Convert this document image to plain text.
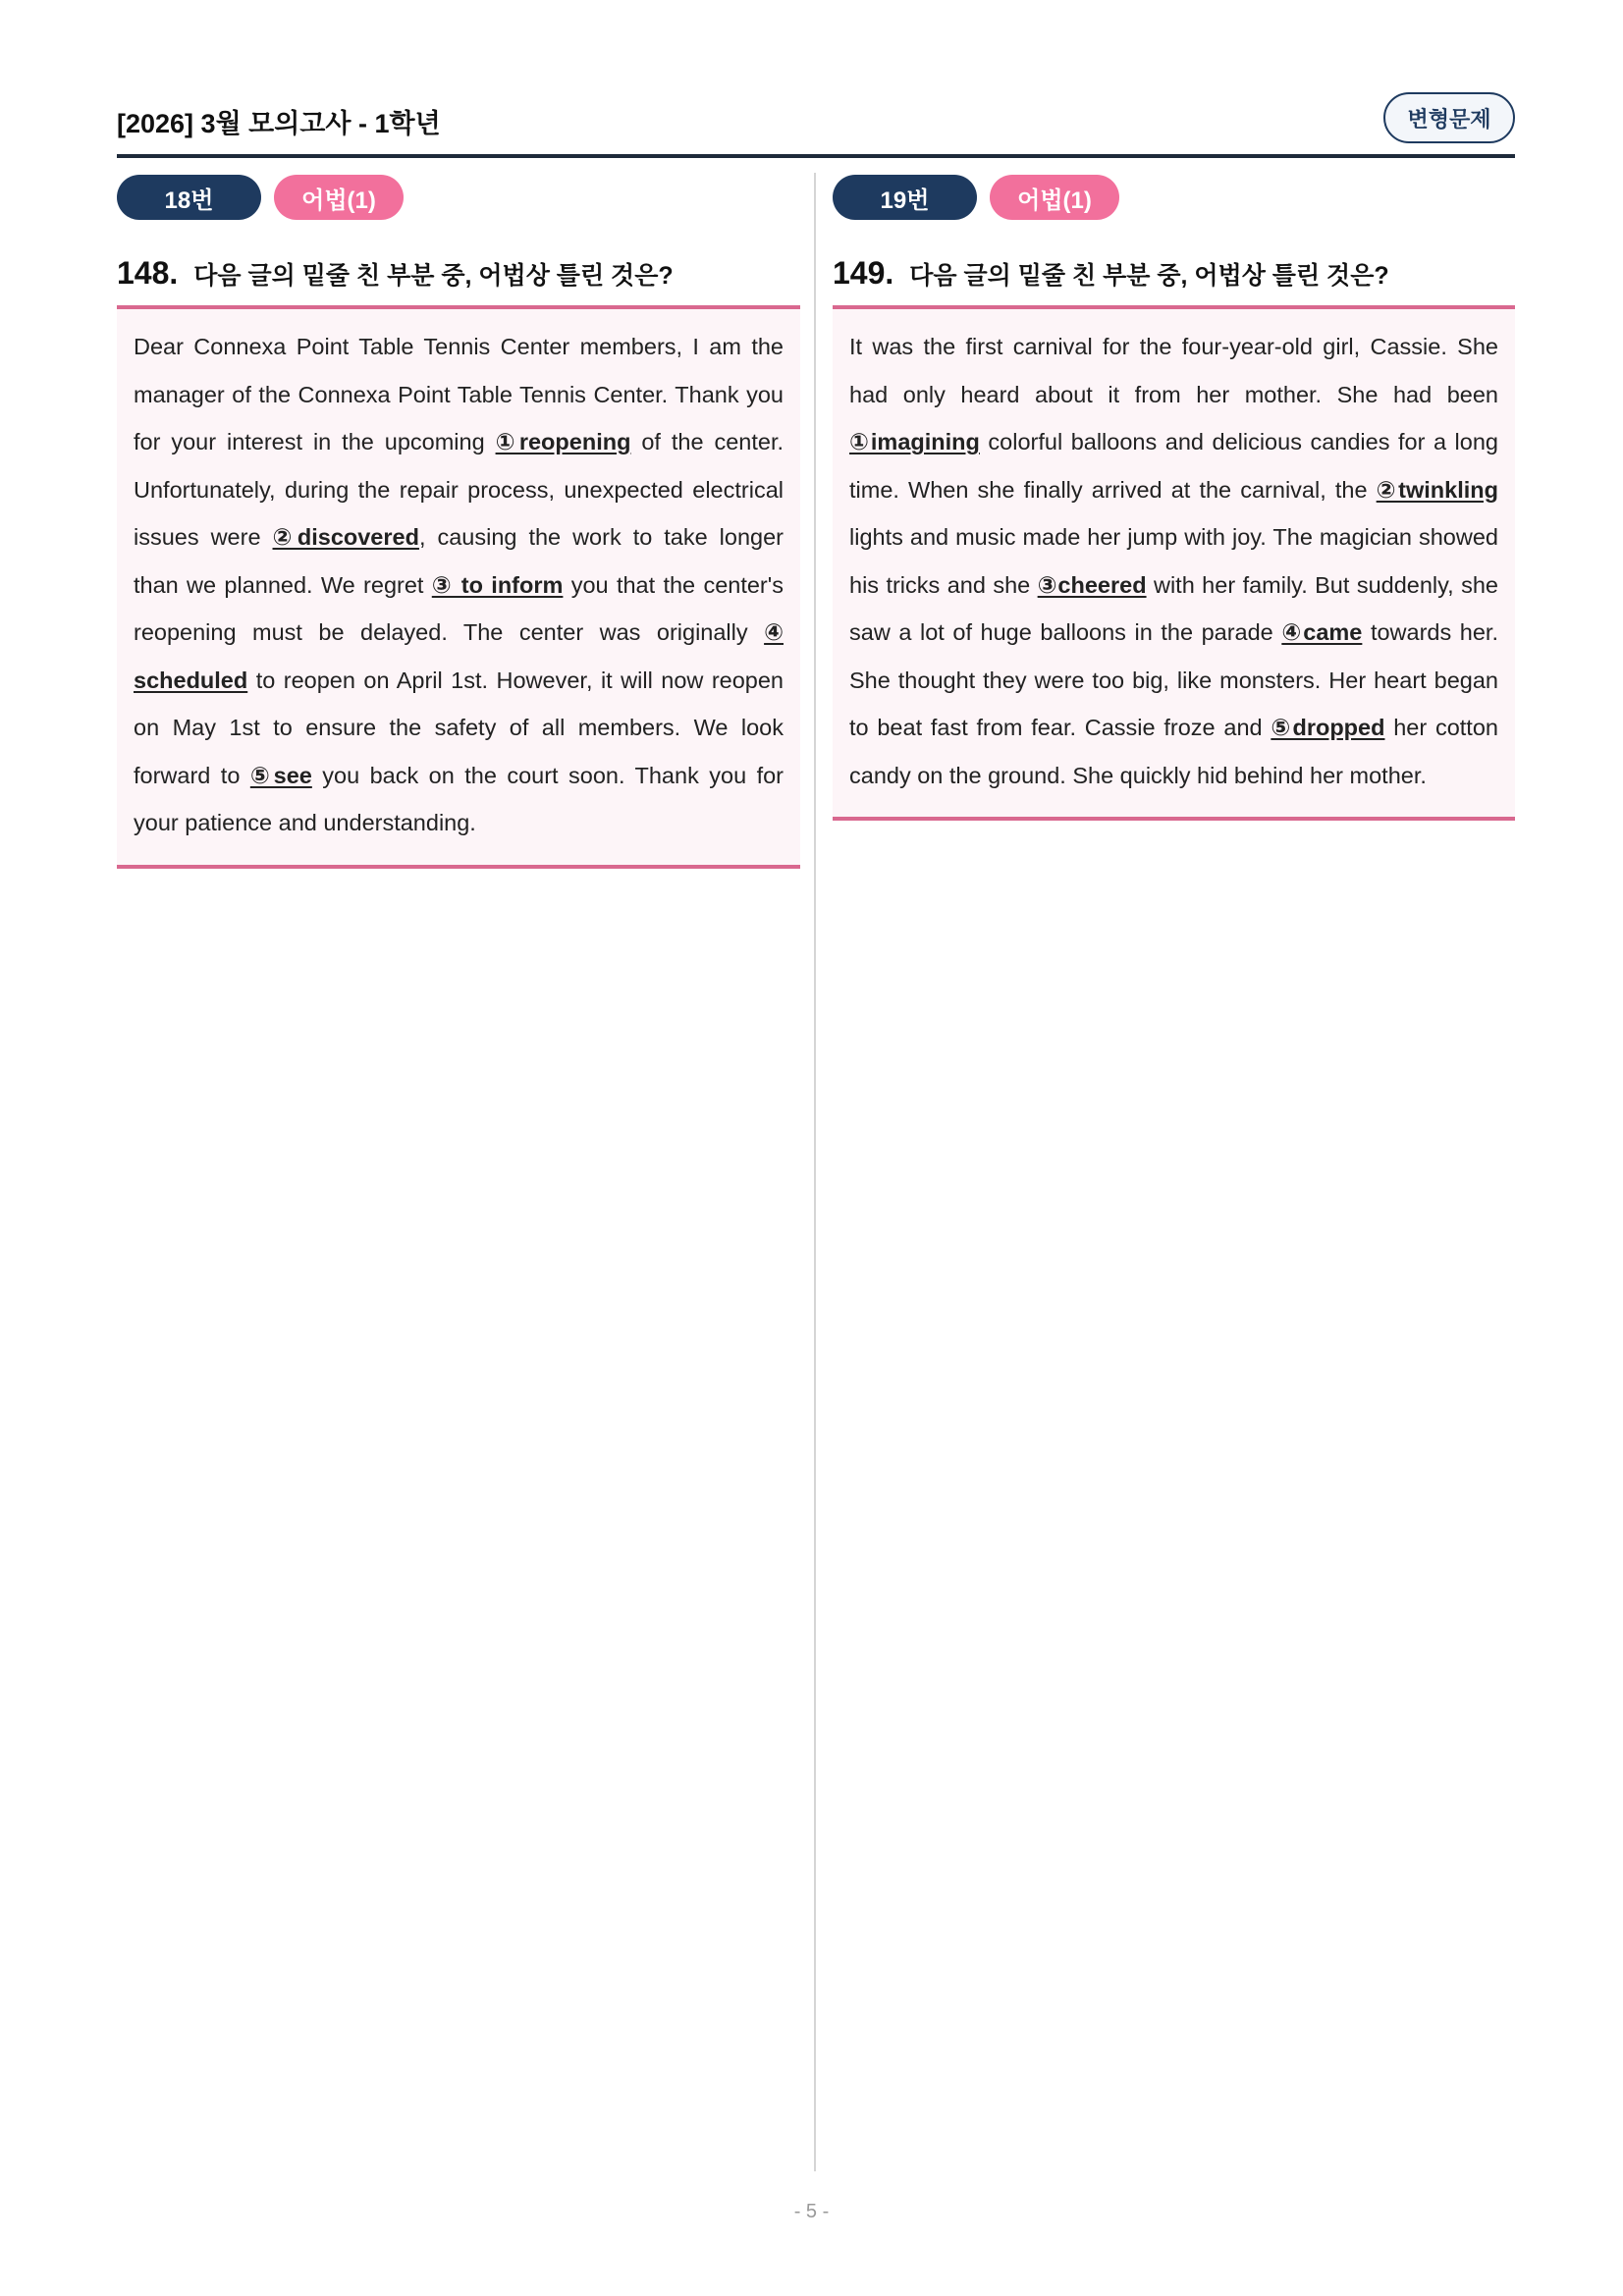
[2026] 3월 모의고사 - 1학년	변형문제
18번	어법(1)
148. 다음 글의 밑줄 친 부분 중, 어법상 틀린 것은?
Dear Connexa Point Table Tennis Center members, I am the manager of the Connexa Point Table Tennis Center. Thank you for your interest in the upcoming ①reopening of the center. Unfortunately, during the repair process, unexpected electrical issues were ②discovered, causing the work to take longer than we planned. We regret ③ to inform you that the center's reopening must be delayed. The center was originally ④ scheduled to reopen on April 1st. However, it will now reopen on May 1st to ensure the safety of all members. We look forward to ⑤see you back on the court soon. Thank you for your patience and understanding.
19번	어법(1)
149. 다음 글의 밑줄 친 부분 중, 어법상 틀린 것은?
It was the first carnival for the four-year-old girl, Cassie. She had only heard about it from her mother. She had been ①imagining colorful balloons and delicious candies for a long time. When she finally arrived at the carnival, the ②twinkling lights and music made her jump with joy. The magician showed his tricks and she ③cheered with her family. But suddenly, she saw a lot of huge balloons in the parade ④came towards her. She thought they were too big, like monsters. Her heart began to beat fast from fear. Cassie froze and ⑤dropped her cotton candy on the ground. She quickly hid behind her mother.
- 5 -
